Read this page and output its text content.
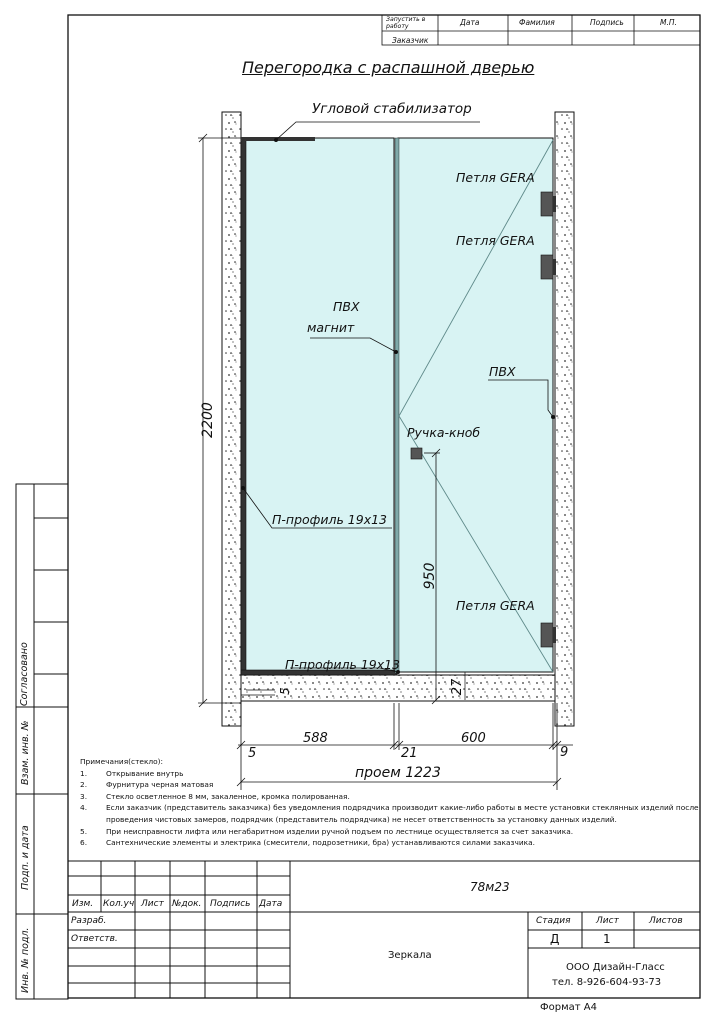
2200
950
27
5
Запустить в работу	Дата	Фамилия	Подпись	М.П.
Заказчик
Перегородка с распашной дверью
Угловой стабилизатор
Петля GERA
Петля GERA
Петля GERA
ПВХ
магнит
ПВХ
Ручка-кноб
П-профиль 19х13
П-профиль 19х13
5
588
21
600
9
проем 1223
Примечания(стекло):
1.	Открывание внутрь
2.	Фурнитура черная матовая
3.	Стекло осветленное 8 мм, закаленное, кромка полированная.
4.	Если заказчик (представитель заказчика) без уведомления подрядчика производит какие-либо работы в месте установки стеклянных изделий после проведения чистовых замеров, подрядчик (представитель подрядчика) не несет ответственность за установку данных изделий.
5.	При неисправности лифта или негабаритном изделии ручной подъем по лестнице осуществляется за счет заказчика.
6.	Сантехнические элементы и электрика (смесители, подрозетники, бра) устанавливаются силами заказчика.
78м23
Изм. Кол.уч Лист №док. Подпись Дата
Разраб.
Ответств.
Зеркала
Стадия	Лист	Листов
Д	1
ООО Дизайн-Гласс
тел. 8-926-604-93-73
Формат А4
Согласовано
Взам. инв. №
Подп. и дата
Инв. № подл.
